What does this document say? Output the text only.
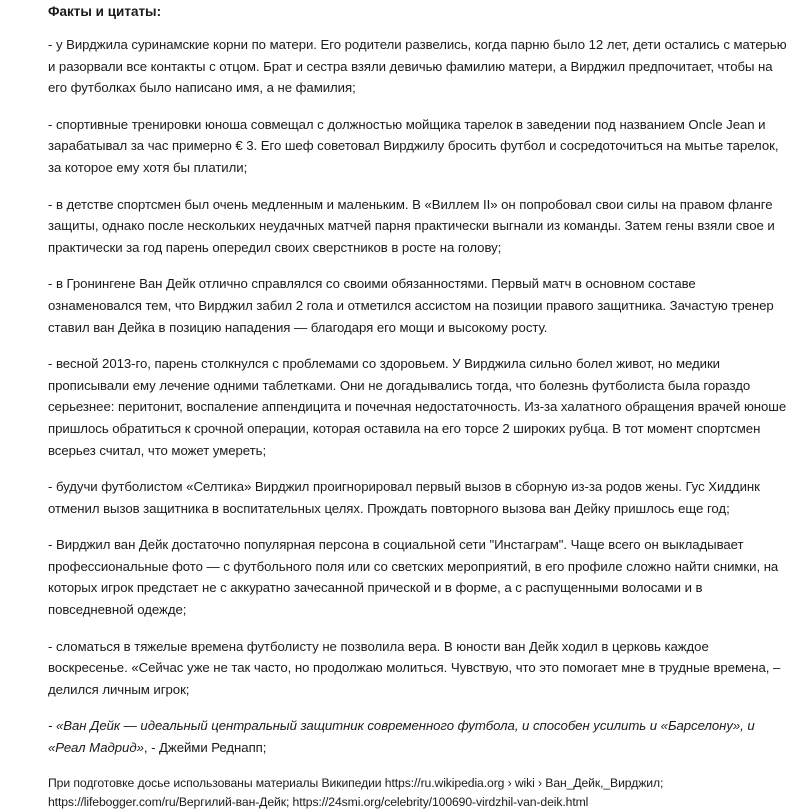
Факты и цитаты:

- у Вирджила суринамские корни по матери. Его родители развелись, когда парню было 12 лет, дети остались с матерью и разорвали все контакты с отцом. Брат и сестра взяли девичью фамилию матери, а Вирджил предпочитает, чтобы на его футболках было написано имя, а не фамилия;

- спортивные тренировки юноша совмещал с должностью мойщика тарелок в заведении под названием Oncle Jean и зарабатывал за час примерно € 3. Его шеф советовал Вирджилу бросить футбол и сосредоточиться на мытье тарелок, за которое ему хотя бы платили;

- в детстве спортсмен был очень медленным и маленьким. В «Виллем II» он попробовал свои силы на правом фланге защиты, однако после нескольких неудачных матчей парня практически выгнали из команды. Затем гены взяли свое и практически за год парень опередил своих сверстников в росте на голову;

- в Гронингене Ван Дейк отлично справлялся со своими обязанностями. Первый матч в основном составе ознаменовался тем, что Вирджил забил 2 гола и отметился ассистом на позиции правого защитника. Зачастую тренер ставил ван Дейка в позицию нападения — благодаря его мощи и высокому росту.

- весной 2013-го, парень столкнулся с проблемами со здоровьем. У Вирджила сильно болел живот, но медики прописывали ему лечение одними таблетками. Они не догадывались тогда, что болезнь футболиста была гораздо серьезнее: перитонит, воспаление аппендицита и почечная недостаточность. Из-за халатного обращения врачей юноше пришлось обратиться к срочной операции, которая оставила на его торсе 2 широких рубца. В тот момент спортсмен всерьез считал, что может умереть;

- будучи футболистом «Селтика» Вирджил проигнорировал первый вызов в сборную из-за родов жены. Гус Хиддинк отменил вызов защитника в воспитательных целях. Прождать повторного вызова ван Дейку пришлось еще год;

- Вирджил ван Дейк достаточно популярная персона в социальной сети "Инстаграм". Чаще всего он выкладывает профессиональные фото — с футбольного поля или со светских мероприятий, в его профиле сложно найти снимки, на которых игрок предстает не с аккуратно зачесанной прической и в форме, а с распущенными волосами и в повседневной одежде;

- сломаться в тяжелые времена футболисту не позволила вера. В юности ван Дейк ходил в церковь каждое воскресенье. «Сейчас уже не так часто, но продолжаю молиться. Чувствую, что это помогает мне в трудные времена, – делился личным игрок;

- «Ван Дейк — идеальный центральный защитник современного футбола, и способен усилить и «Барселону», и «Реал Мадрид», - Джейми Реднапп;

При подготовке досье использованы материалы Википедии https://ru.wikipedia.org › wiki › Ван_Дейк,_Вирджил;
https://lifebogger.com/ru/Вергилий-ван-Дейк; https://24smi.org/celebrity/100690-virdzhil-van-deik.html
